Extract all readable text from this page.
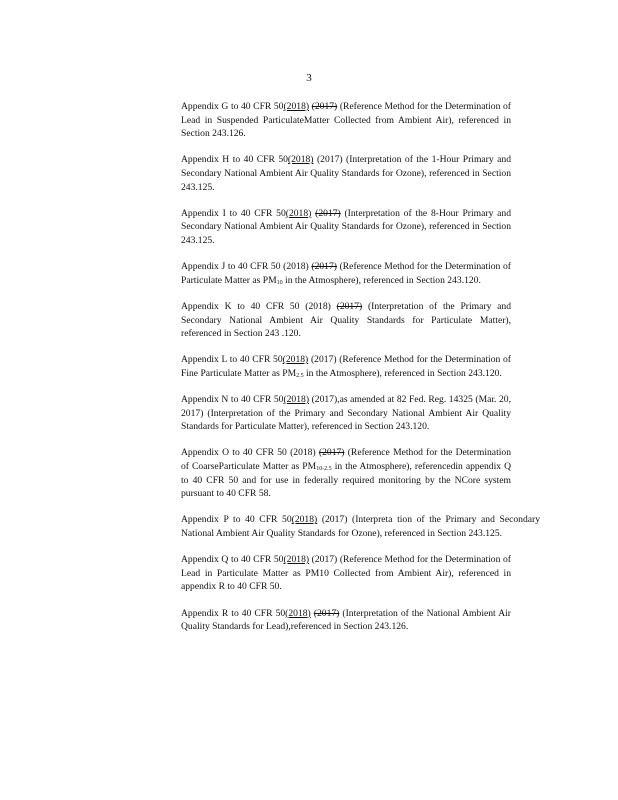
3

Appendix G to 40 CFR 50(2018) (2017) (Reference Method for the Determination of Lead in Suspended ParticulateMatter Collected from Ambient Air), referenced in Section 243.126.

Appendix H to 40 CFR 50(2018) (2017) (Interpretation of the 1-Hour Primary and Secondary National Ambient Air Quality Standards for Ozone), referenced in Section 243.125.

Appendix I to 40 CFR 50(2018) (2017) (Interpretation of the 8-Hour Primary and Secondary National Ambient Air Quality Standards for Ozone), referenced in Section 243.125.

Appendix J to 40 CFR 50 (2018) (2017) (Reference Method for the Determination of Particulate Matter as $PM_{10}$ in the Atmosphere), referenced in Section 243.120.

Appendix K to 40 CFR 50 (2018) (2017) (Interpretation of the Primary and Secondary National Ambient Air Quality Standards for Particulate Matter), referenced in Section 243 .120.

Appendix L to 40 CFR 50(2018) (2017) (Reference Method for the Determination of Fine Particulate Matter as $PM_{2.5}$ in the Atmosphere), referenced in Section 243.120.

Appendix N to 40 CFR 50(2018) (2017),as amended at 82 Fed. Reg. 14325 (Mar. 20, 2017) (Interpretation of the Primary and Secondary National Ambient Air Quality Standards for Particulate Matter), referenced in Section 243.120.

Appendix O to 40 CFR 50 (2018) (2017) (Reference Method for the Determination of CoarseParticulate Matter as $PM_{10-2.5}$ in the Atmosphere), referencedin appendix Q to 40 CFR 50 and for use in federally required monitoring by the NCore system pursuant to 40 CFR 58.

Appendix P to 40 CFR 50(2018) (2017) (Interpreta tion of the Primary and Secondary National Ambient Air Quality Standards for Ozone), referenced in Section 243.125.

Appendix Q to 40 CFR 50(2018) (2017) (Reference Method for the Determination of Lead in Particulate Matter as PM10 Collected from Ambient Air), referenced in appendix R to 40 CFR 50.

Appendix R to 40 CFR 50(2018) (2017) (Interpretation of the National Ambient Air Quality Standards for Lead),referenced in Section 243.126.
